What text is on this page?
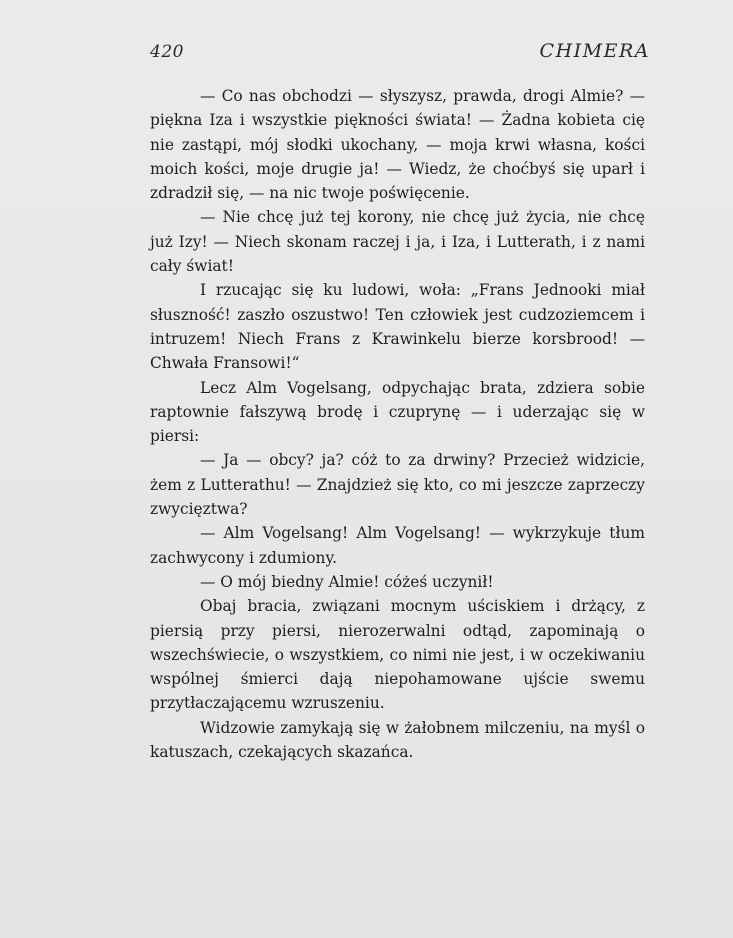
420	CHIMERA

— Co nas obchodzi — słyszysz, prawda, drogi Almie? — piękna Iza i wszystkie piękności świata! — Żadna kobieta cię nie zastąpi, mój słodki ukochany, — moja krwi własna, kości moich kości, moje drugie ja! — Wiedz, że choćbyś się uparł i zdradził się, — na nic twoje poświęcenie.

— Nie chcę już tej korony, nie chcę już życia, nie chcę już Izy! — Niech skonam raczej i ja, i Iza, i Lutterath, i z nami cały świat!

I rzucając się ku ludowi, woła: „Frans Jednooki miał słuszność! zaszło oszustwo! Ten człowiek jest cudzoziemcem i intruzem! Niech Frans z Krawinkelu bierze korsbrood! — Chwała Fransowi!“

Lecz Alm Vogelsang, odpychając brata, zdziera sobie raptownie fałszywą brodę i czuprynę — i uderzając się w piersi:

— Ja — obcy? ja? cóż to za drwiny? Przecież widzicie, żem z Lutterathu! — Znajdzież się kto, co mi jeszcze zaprzeczy zwycięztwa?

— Alm Vogelsang! Alm Vogelsang! — wykrzykuje tłum zachwycony i zdumiony.

— O mój biedny Almie! cóżeś uczynił!

Obaj bracia, związani mocnym uściskiem i drżący, z piersią przy piersi, nierozerwalni odtąd, zapominają o wszechświecie, o wszystkiem, co nimi nie jest, i w oczekiwaniu wspólnej śmierci dają niepohamowane ujście swemu przytłaczającemu wzruszeniu.

Widzowie zamykają się w żałobnem milczeniu, na myśl o katuszach, czekających skazańca.
